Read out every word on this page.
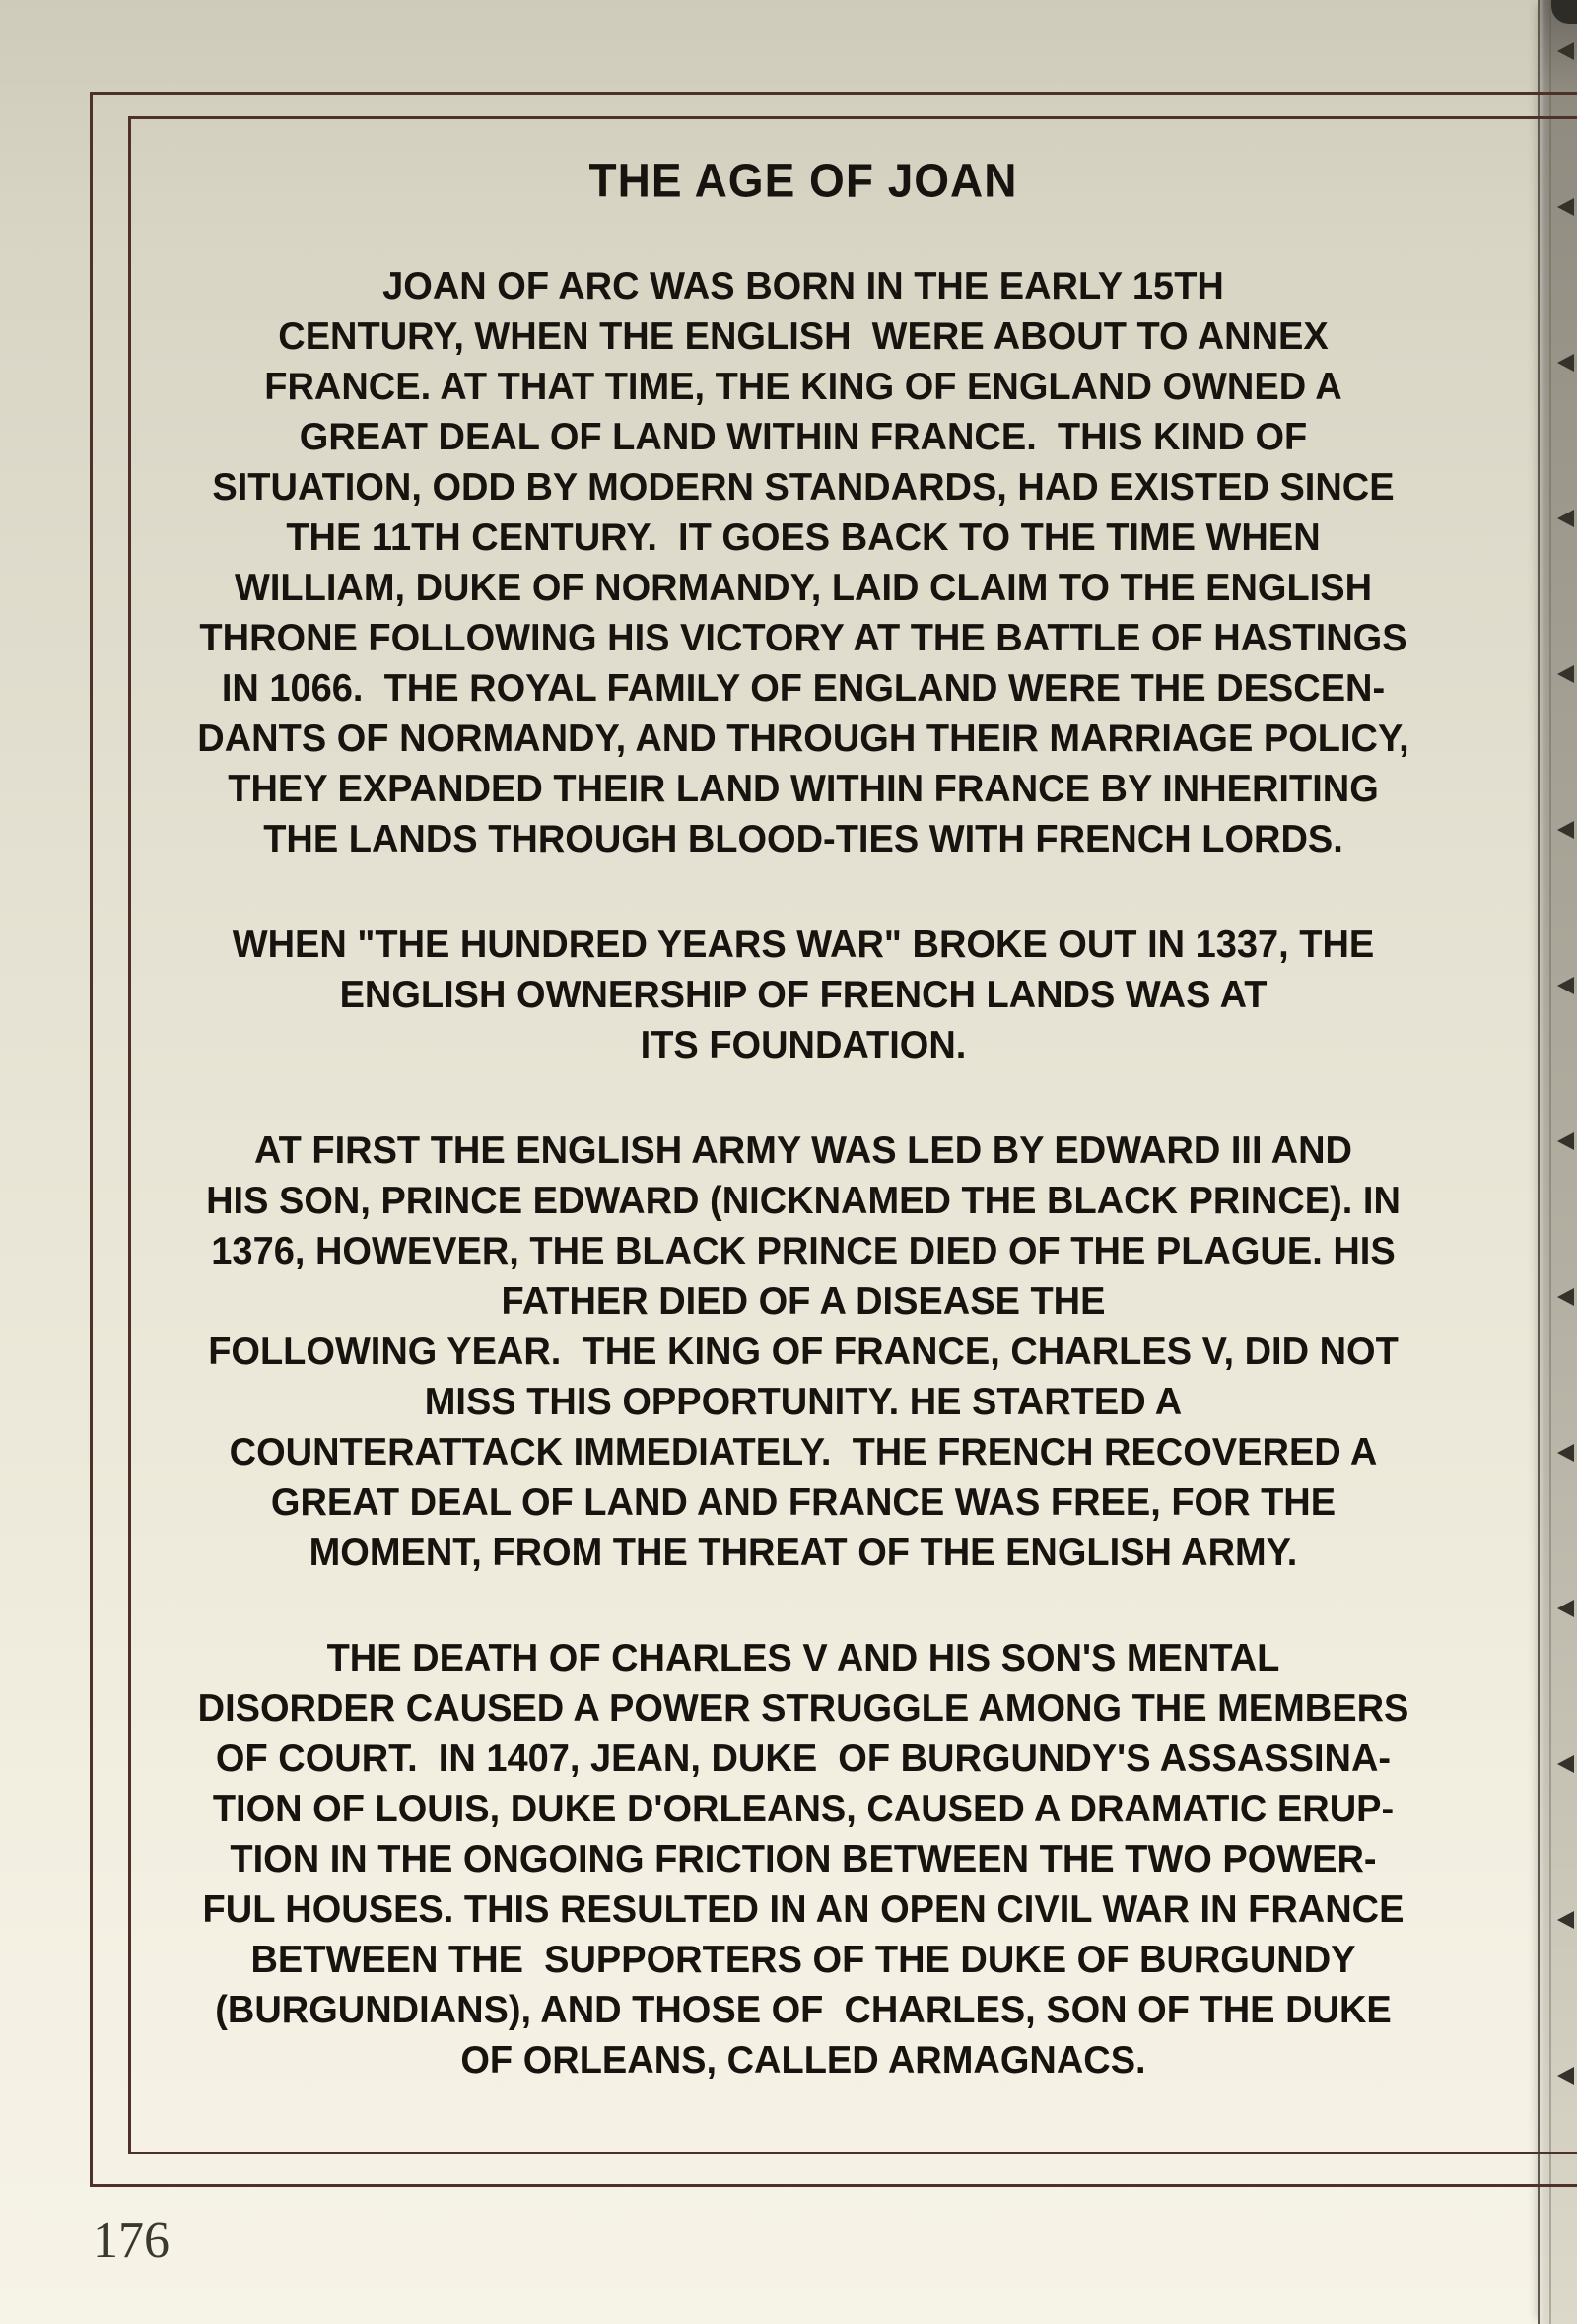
THE AGE OF JOAN
JOAN OF ARC WAS BORN IN THE EARLY 15TH
CENTURY, WHEN THE ENGLISH  WERE ABOUT TO ANNEX
FRANCE. AT THAT TIME, THE KING OF ENGLAND OWNED A
GREAT DEAL OF LAND WITHIN FRANCE.  THIS KIND OF
SITUATION, ODD BY MODERN STANDARDS, HAD EXISTED SINCE
THE 11TH CENTURY.  IT GOES BACK TO THE TIME WHEN
WILLIAM, DUKE OF NORMANDY, LAID CLAIM TO THE ENGLISH
THRONE FOLLOWING HIS VICTORY AT THE BATTLE OF HASTINGS
IN 1066.  THE ROYAL FAMILY OF ENGLAND WERE THE DESCEN-
DANTS OF NORMANDY, AND THROUGH THEIR MARRIAGE POLICY,
THEY EXPANDED THEIR LAND WITHIN FRANCE BY INHERITING
THE LANDS THROUGH BLOOD-TIES WITH FRENCH LORDS.
WHEN "THE HUNDRED YEARS WAR" BROKE OUT IN 1337, THE
ENGLISH OWNERSHIP OF FRENCH LANDS WAS AT
ITS FOUNDATION.
AT FIRST THE ENGLISH ARMY WAS LED BY EDWARD III AND
HIS SON, PRINCE EDWARD (NICKNAMED THE BLACK PRINCE). IN
1376, HOWEVER, THE BLACK PRINCE DIED OF THE PLAGUE. HIS
FATHER DIED OF A DISEASE THE
FOLLOWING YEAR.  THE KING OF FRANCE, CHARLES V, DID NOT
MISS THIS OPPORTUNITY. HE STARTED A
COUNTERATTACK IMMEDIATELY.  THE FRENCH RECOVERED A
GREAT DEAL OF LAND AND FRANCE WAS FREE, FOR THE
MOMENT, FROM THE THREAT OF THE ENGLISH ARMY.
THE DEATH OF CHARLES V AND HIS SON'S MENTAL
DISORDER CAUSED A POWER STRUGGLE AMONG THE MEMBERS
OF COURT.  IN 1407, JEAN, DUKE  OF BURGUNDY'S ASSASSINA-
TION OF LOUIS, DUKE D'ORLEANS, CAUSED A DRAMATIC ERUP-
TION IN THE ONGOING FRICTION BETWEEN THE TWO POWER-
FUL HOUSES. THIS RESULTED IN AN OPEN CIVIL WAR IN FRANCE
BETWEEN THE  SUPPORTERS OF THE DUKE OF BURGUNDY
(BURGUNDIANS), AND THOSE OF  CHARLES, SON OF THE DUKE
OF ORLEANS, CALLED ARMAGNACS.
176
